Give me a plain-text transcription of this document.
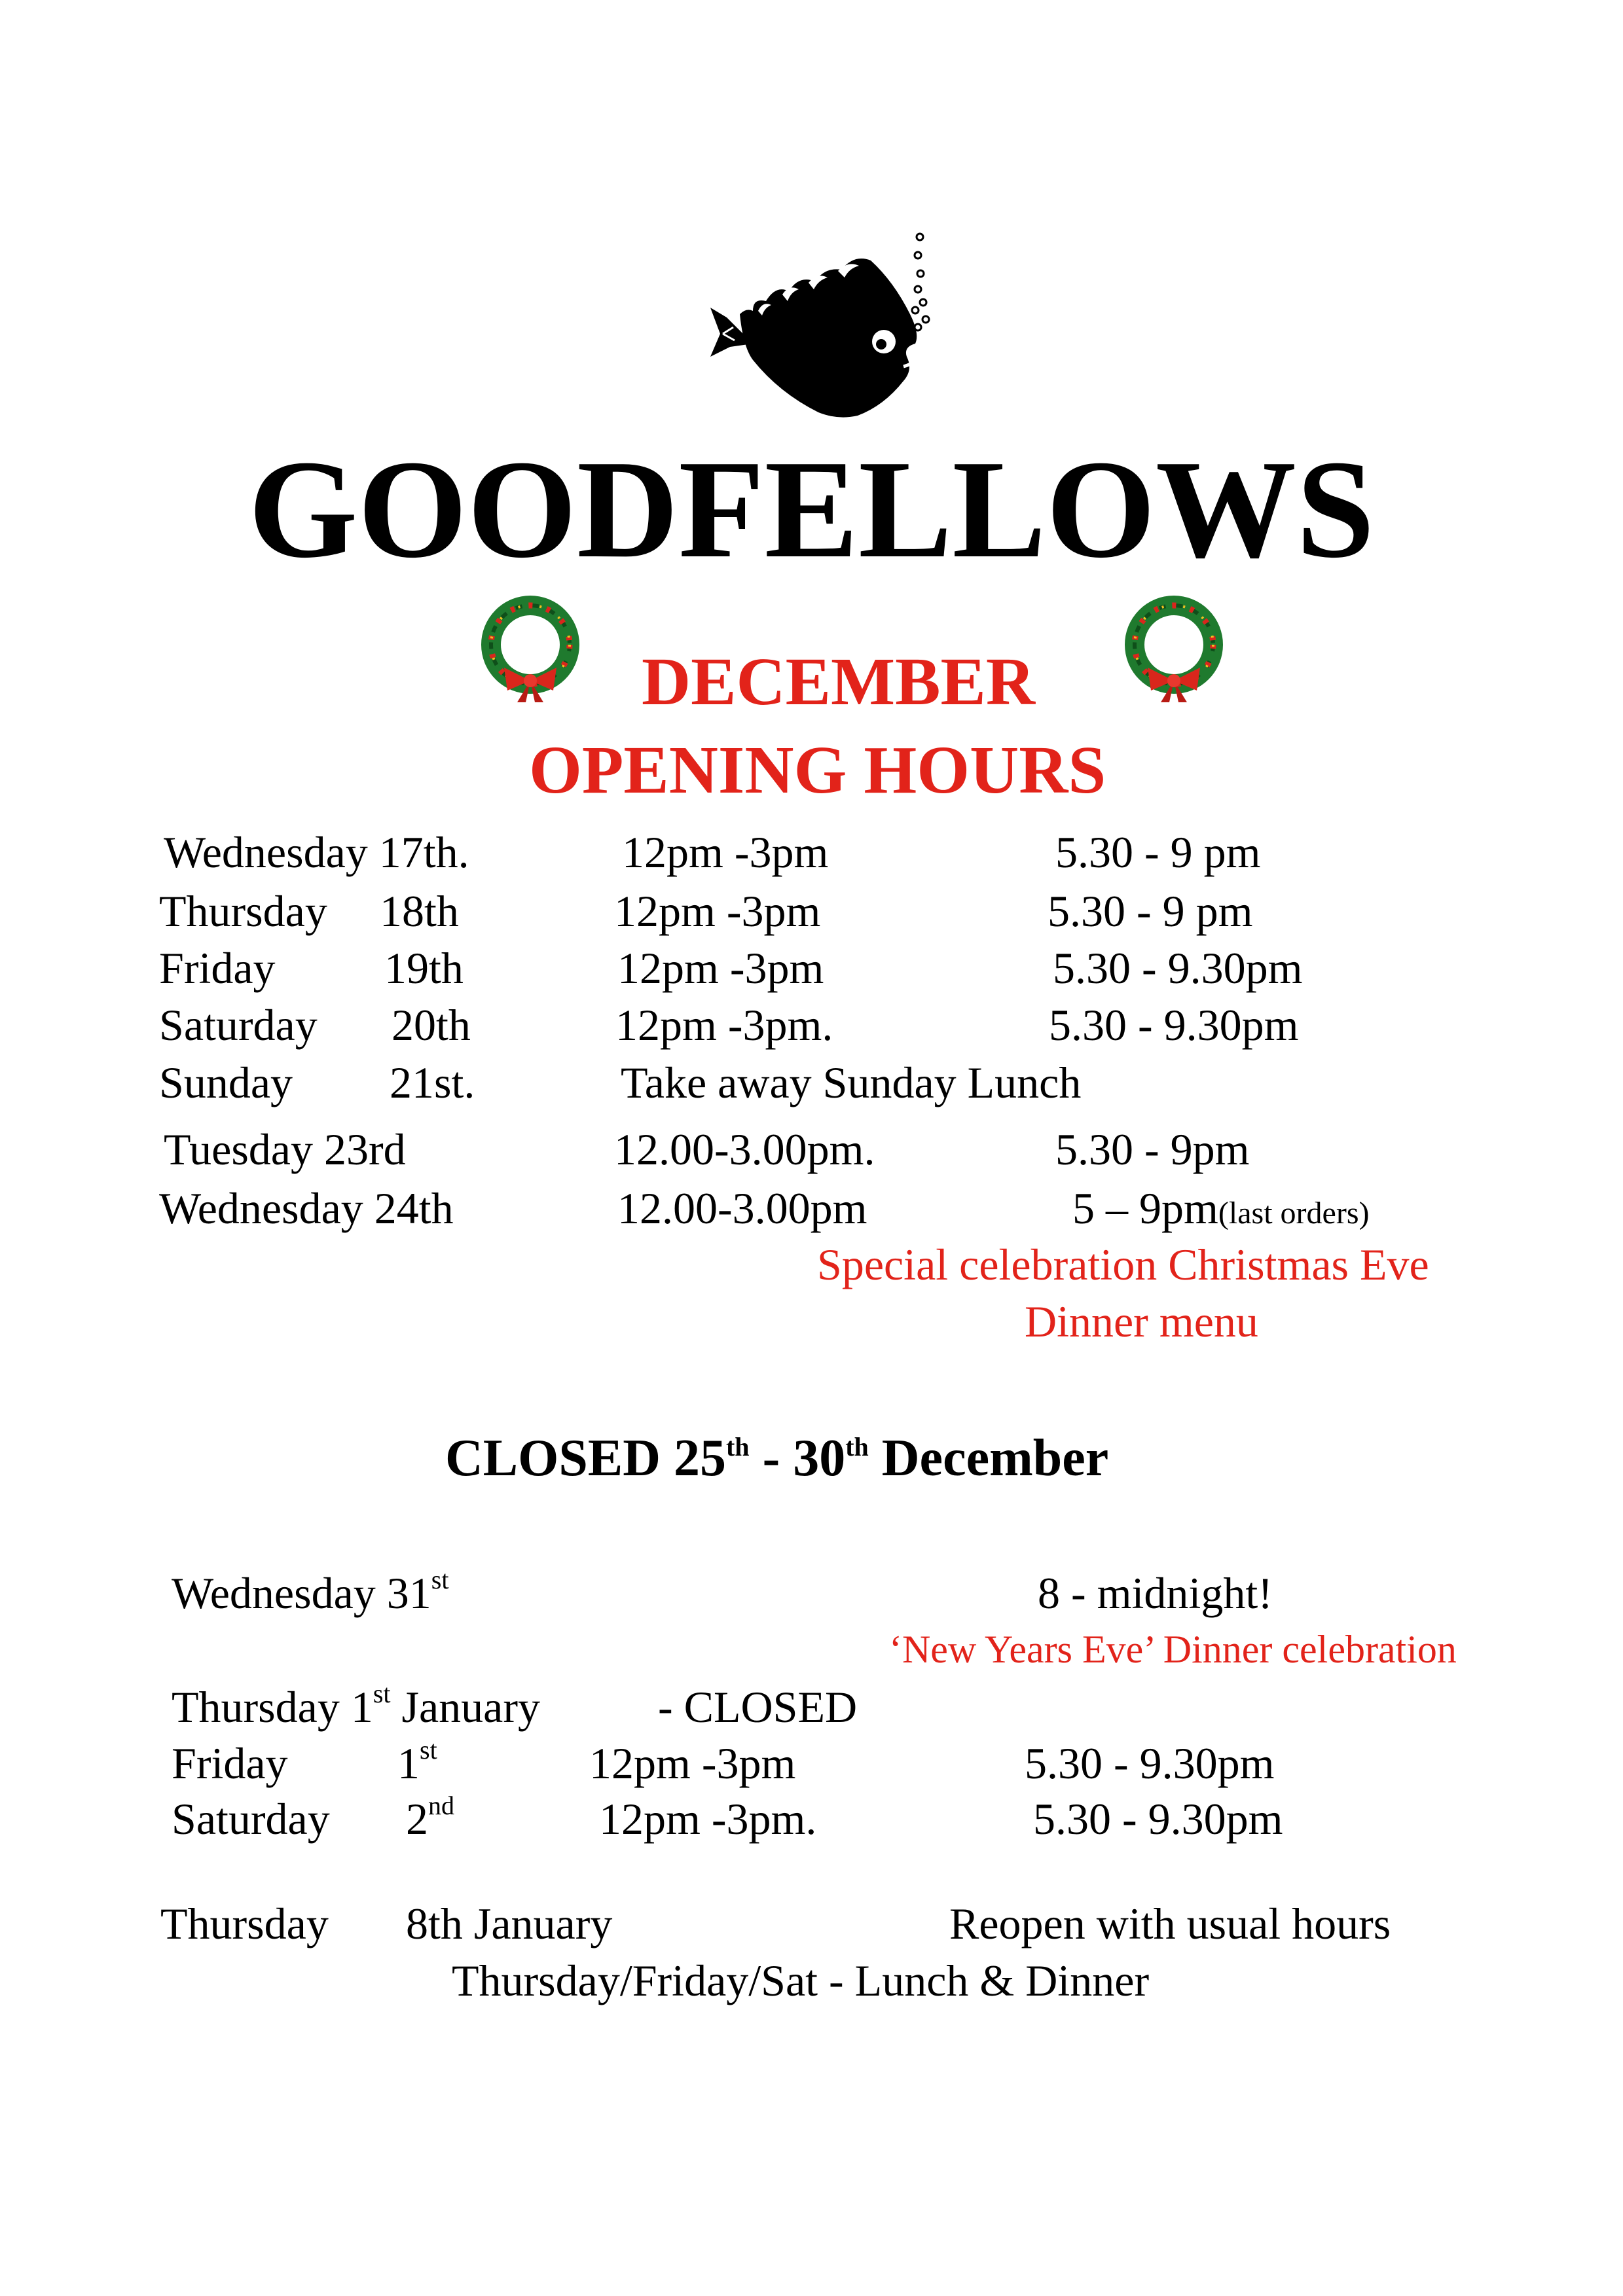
GOODFELLOWS
DECEMBER
OPENING HOURS
Wednesday 17th.	12pm -3pm	5.30 - 9 pm
Thursday 18th	12pm -3pm	5.30 - 9 pm
Friday 19th	12pm -3pm	5.30 - 9.30pm
Saturday 20th	12pm -3pm.	5.30 - 9.30pm
Sunday 21st.	Take away Sunday Lunch
Tuesday 23rd	12.00-3.00pm.	5.30 - 9pm
Wednesday 24th	12.00-3.00pm	5 – 9pm(last orders)
Special celebration Christmas Eve
Dinner menu
CLOSED 25th - 30th December
Wednesday 31st	8 - midnight!
‘New Years Eve’ Dinner celebration
Thursday 1st January	- CLOSED
Friday 1st	12pm -3pm	5.30 - 9.30pm
Saturday 2nd	12pm -3pm.	5.30 - 9.30pm
Thursday 8th January	Reopen with usual hours
Thursday/Friday/Sat - Lunch & Dinner
